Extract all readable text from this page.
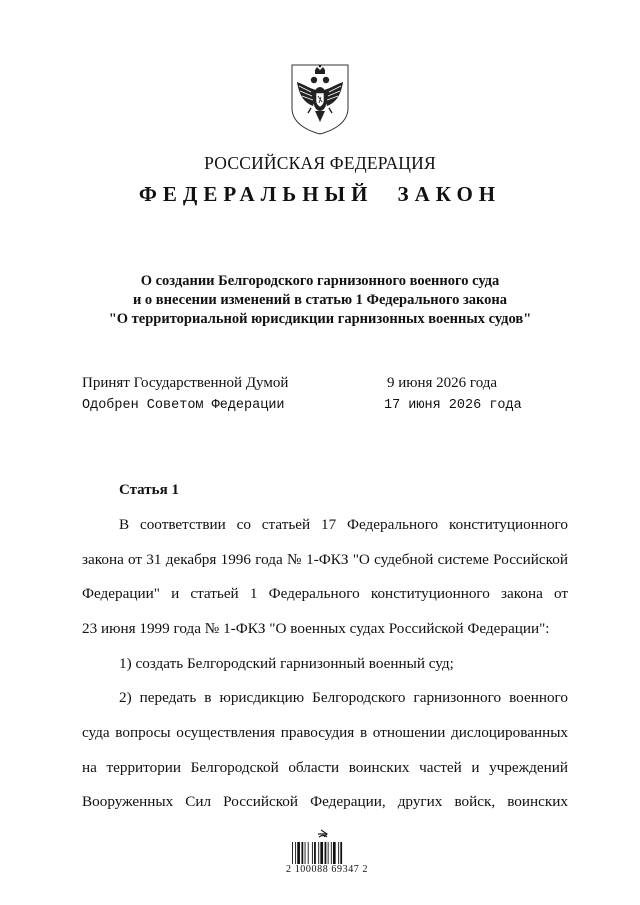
РОССИЙСКАЯ ФЕДЕРАЦИЯ
ФЕДЕРАЛЬНЫЙ ЗАКОН
О создании Белгородского гарнизонного военного суда
и о внесении изменений в статью 1 Федерального закона
"О территориальной юрисдикции гарнизонных военных судов"
Принят Государственной Думой	9 июня 2026 года
Одобрен Советом Федерации	17 июня 2026 года
Статья 1
В соответствии со статьей 17 Федерального конституционного
закона от 31 декабря 1996 года № 1-ФКЗ "О судебной системе Российской
Федерации" и статьей 1 Федерального конституционного закона от
23 июня 1999 года № 1-ФКЗ "О военных судах Российской Федерации":
1) создать Белгородский гарнизонный военный суд;
2) передать в юрисдикцию Белгородского гарнизонного военного
суда вопросы осуществления правосудия в отношении дислоцированных
на территории Белгородской области воинских частей и учреждений
Вооруженных Сил Российской Федерации, других войск, воинских
2 100088 69347 2
